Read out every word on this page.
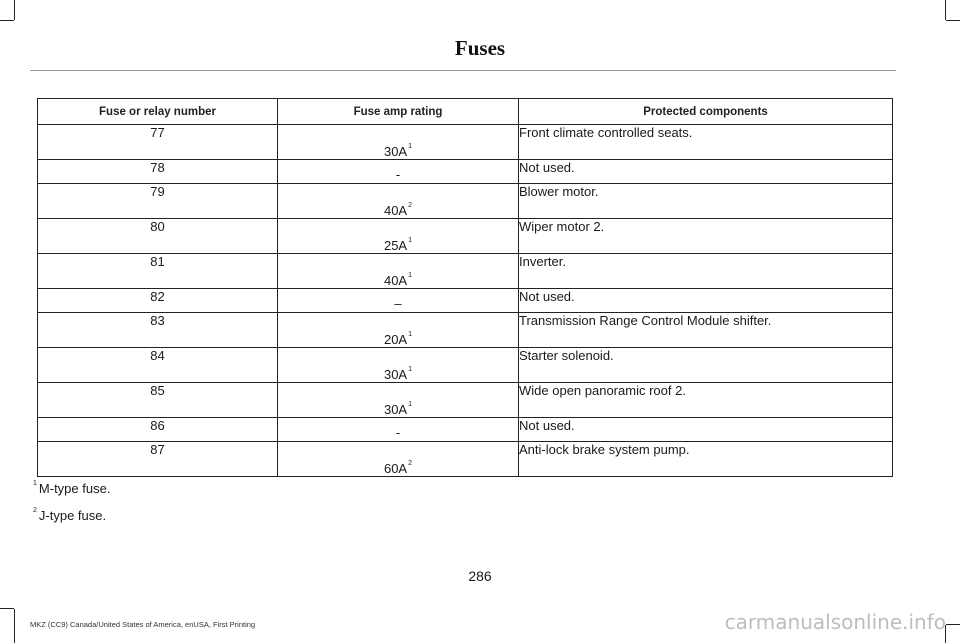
Fuses
Fuse or relay number	Fuse amp rating	Protected components
77	30A$^1$	Front climate controlled seats.
78	-	Not used.
79	40A$^2$	Blower motor.
80	25A$^1$	Wiper motor 2.
81	40A$^1$	Inverter.
82	–	Not used.
83	20A$^1$	Transmission Range Control Module shifter.
84	30A$^1$	Starter solenoid.
85	30A$^1$	Wide open panoramic roof 2.
86	-	Not used.
87	60A$^2$	Anti-lock brake system pump.
$^1$ M-type fuse.
$^2$ J-type fuse.
286
MKZ (CC9) Canada/United States of America, enUSA, First Printing	carmanualsonline.info
